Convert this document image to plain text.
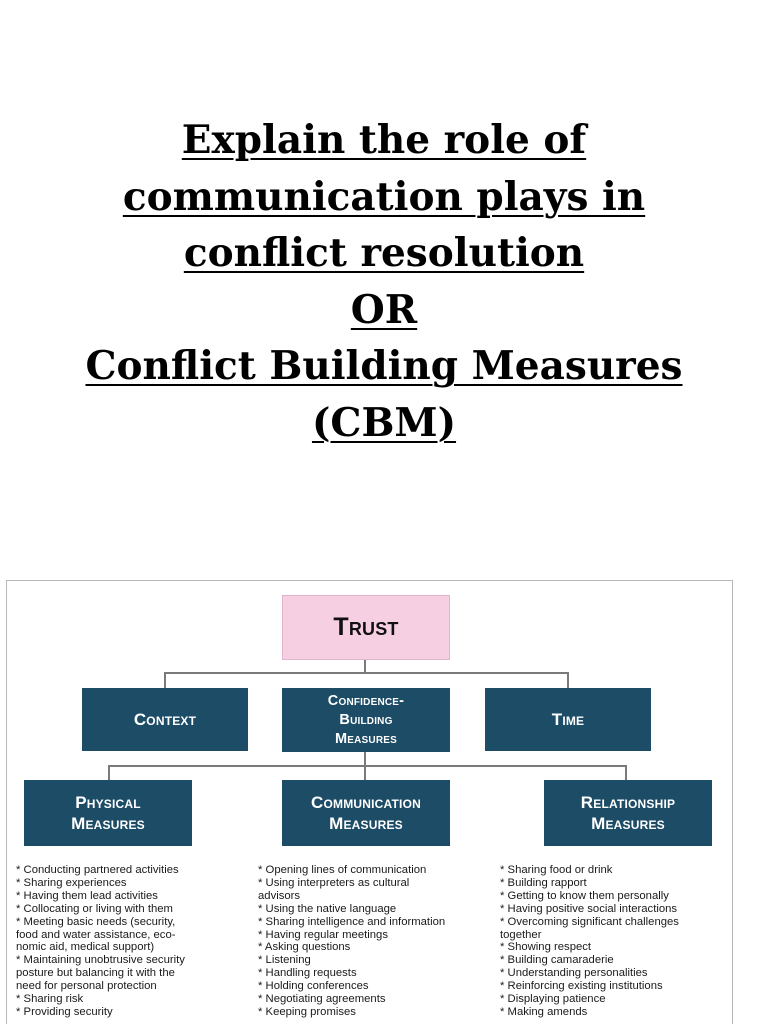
Explain the role of
communication plays in
conflict resolution
OR
Conflict Building Measures
(CBM)
Trust
Context
Confidence-
Building
Measures
Time
Physical
Measures
Communication
Measures
Relationship
Measures
* Conducting partnered activities
* Sharing experiences
* Having them lead activities
* Collocating or living with them
* Meeting basic needs (security,
food and water assistance, eco-
nomic aid, medical support)
* Maintaining unobtrusive security
posture but balancing it with the
need for personal protection
* Sharing risk
* Providing security
* Opening lines of communication
* Using interpreters as cultural
advisors
* Using the native language
* Sharing intelligence and information
* Having regular meetings
* Asking questions
* Listening
* Handling requests
* Holding conferences
* Negotiating agreements
* Keeping promises
* Sharing food or drink
* Building rapport
* Getting to know them personally
* Having positive social interactions
* Overcoming significant challenges
together
* Showing respect
* Building camaraderie
* Understanding personalities
* Reinforcing existing institutions
* Displaying patience
* Making amends
